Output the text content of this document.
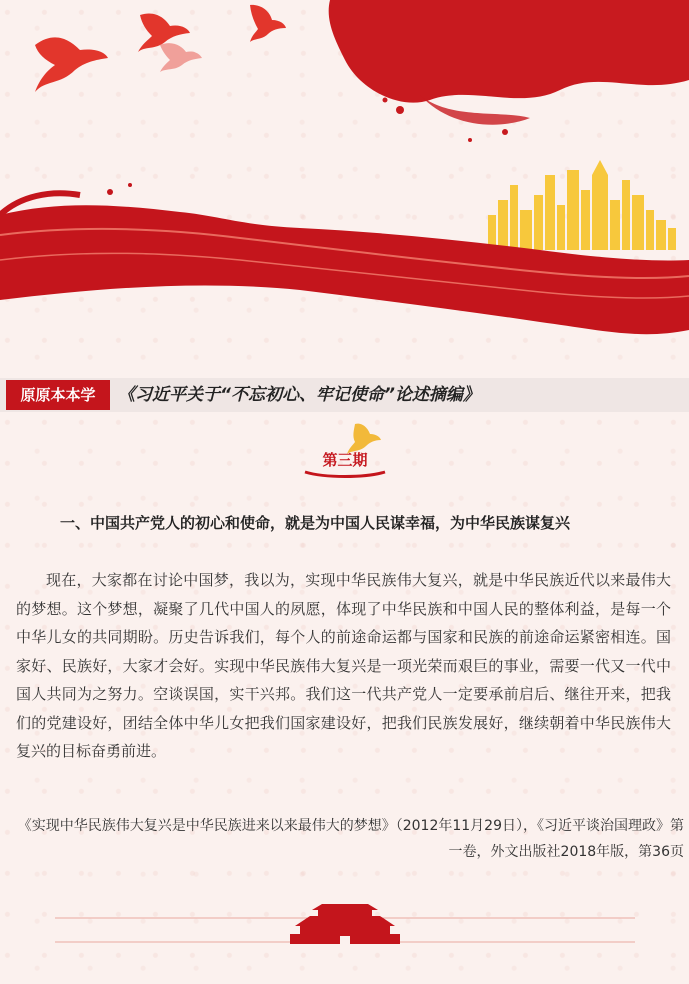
原原本本学	《习近平关于“不忘初心、牢记使命”论述摘编》
第三期
一、中国共产党人的初心和使命，就是为中国人民谋幸福，为中华民族谋复兴
现在，大家都在讨论中国梦，我以为，实现中华民族伟大复兴，就是中华民族近代以来最伟大的梦想。这个梦想，凝聚了几代中国人的夙愿，体现了中华民族和中国人民的整体利益，是每一个中华儿女的共同期盼。历史告诉我们，每个人的前途命运都与国家和民族的前途命运紧密相连。国家好、民族好，大家才会好。实现中华民族伟大复兴是一项光荣而艰巨的事业，需要一代又一代中国人共同为之努力。空谈误国，实干兴邦。我们这一代共产党人一定要承前启后、继往开来，把我们的党建设好，团结全体中华儿女把我们国家建设好，把我们民族发展好，继续朝着中华民族伟大复兴的目标奋勇前进。
《实现中华民族伟大复兴是中华民族进来以来最伟大的梦想》（2012年11月29日），《习近平谈治国理政》第一卷，外文出版社2018年版，第36页
